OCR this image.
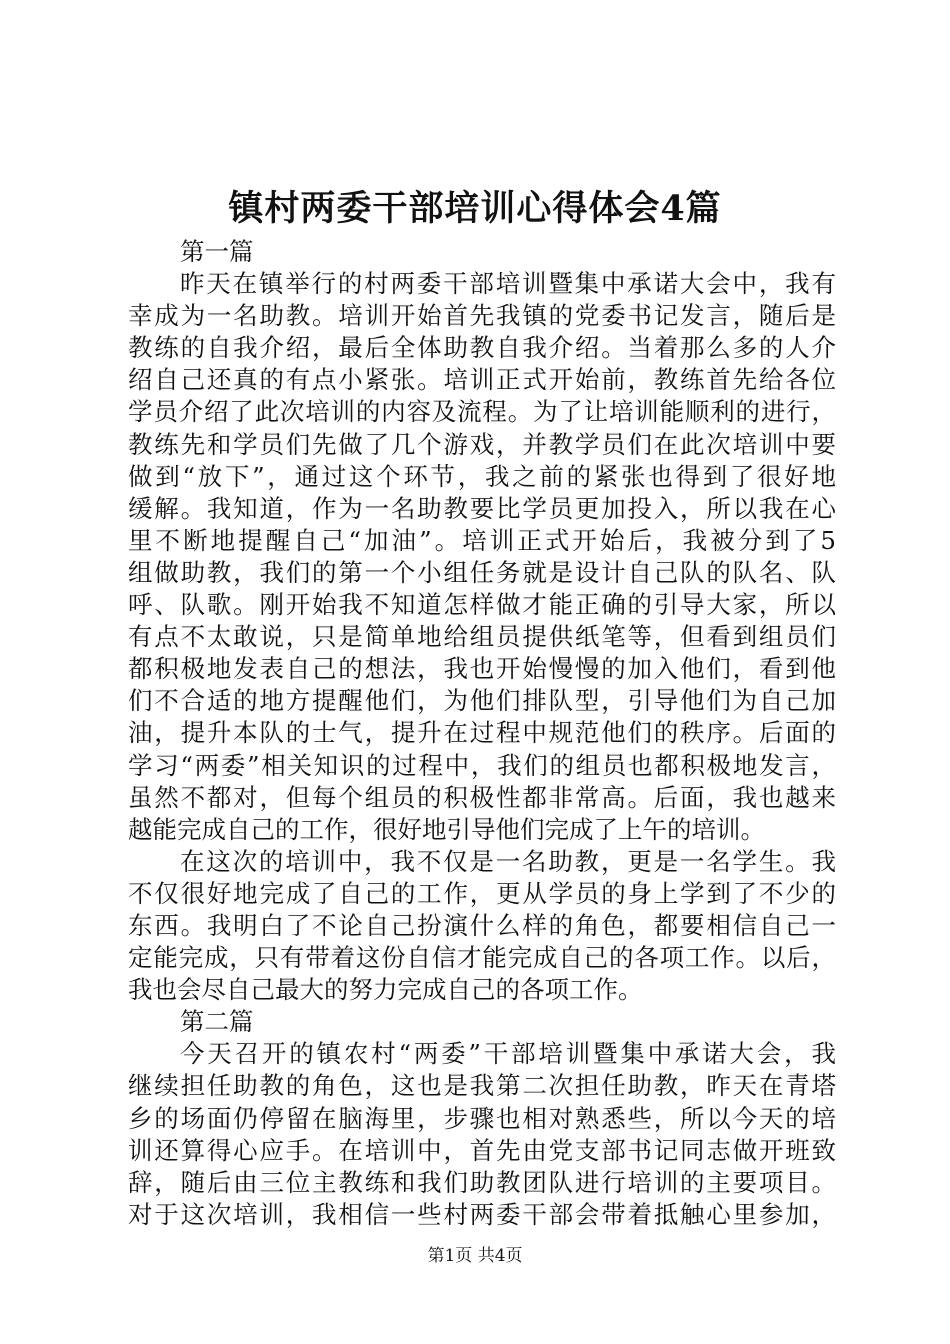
镇村两委干部培训心得体会4篇
第一篇
昨天在镇举行的村两委干部培训暨集中承诺大会中，我有
幸成为一名助教。培训开始首先我镇的党委书记发言，随后是
教练的自我介绍，最后全体助教自我介绍。当着那么多的人介
绍自己还真的有点小紧张。培训正式开始前，教练首先给各位
学员介绍了此次培训的内容及流程。为了让培训能顺利的进行，
教练先和学员们先做了几个游戏，并教学员们在此次培训中要
做到“放下”，通过这个环节，我之前的紧张也得到了很好地
缓解。我知道，作为一名助教要比学员更加投入，所以我在心
里不断地提醒自己“加油”。培训正式开始后，我被分到了5
组做助教，我们的第一个小组任务就是设计自己队的队名、队
呼、队歌。刚开始我不知道怎样做才能正确的引导大家，所以
有点不太敢说，只是简单地给组员提供纸笔等，但看到组员们
都积极地发表自己的想法，我也开始慢慢的加入他们，看到他
们不合适的地方提醒他们，为他们排队型，引导他们为自己加
油，提升本队的士气，提升在过程中规范他们的秩序。后面的
学习“两委”相关知识的过程中，我们的组员也都积极地发言，
虽然不都对，但每个组员的积极性都非常高。后面，我也越来
越能完成自己的工作，很好地引导他们完成了上午的培训。
在这次的培训中，我不仅是一名助教，更是一名学生。我
不仅很好地完成了自己的工作，更从学员的身上学到了不少的
东西。我明白了不论自己扮演什么样的角色，都要相信自己一
定能完成，只有带着这份自信才能完成自己的各项工作。以后，
我也会尽自己最大的努力完成自己的各项工作。
第二篇
今天召开的镇农村“两委”干部培训暨集中承诺大会，我
继续担任助教的角色，这也是我第二次担任助教，昨天在青塔
乡的场面仍停留在脑海里，步骤也相对熟悉些，所以今天的培
训还算得心应手。在培训中，首先由党支部书记同志做开班致
辞，随后由三位主教练和我们助教团队进行培训的主要项目。
对于这次培训，我相信一些村两委干部会带着抵触心里参加，
第1页 共4页
